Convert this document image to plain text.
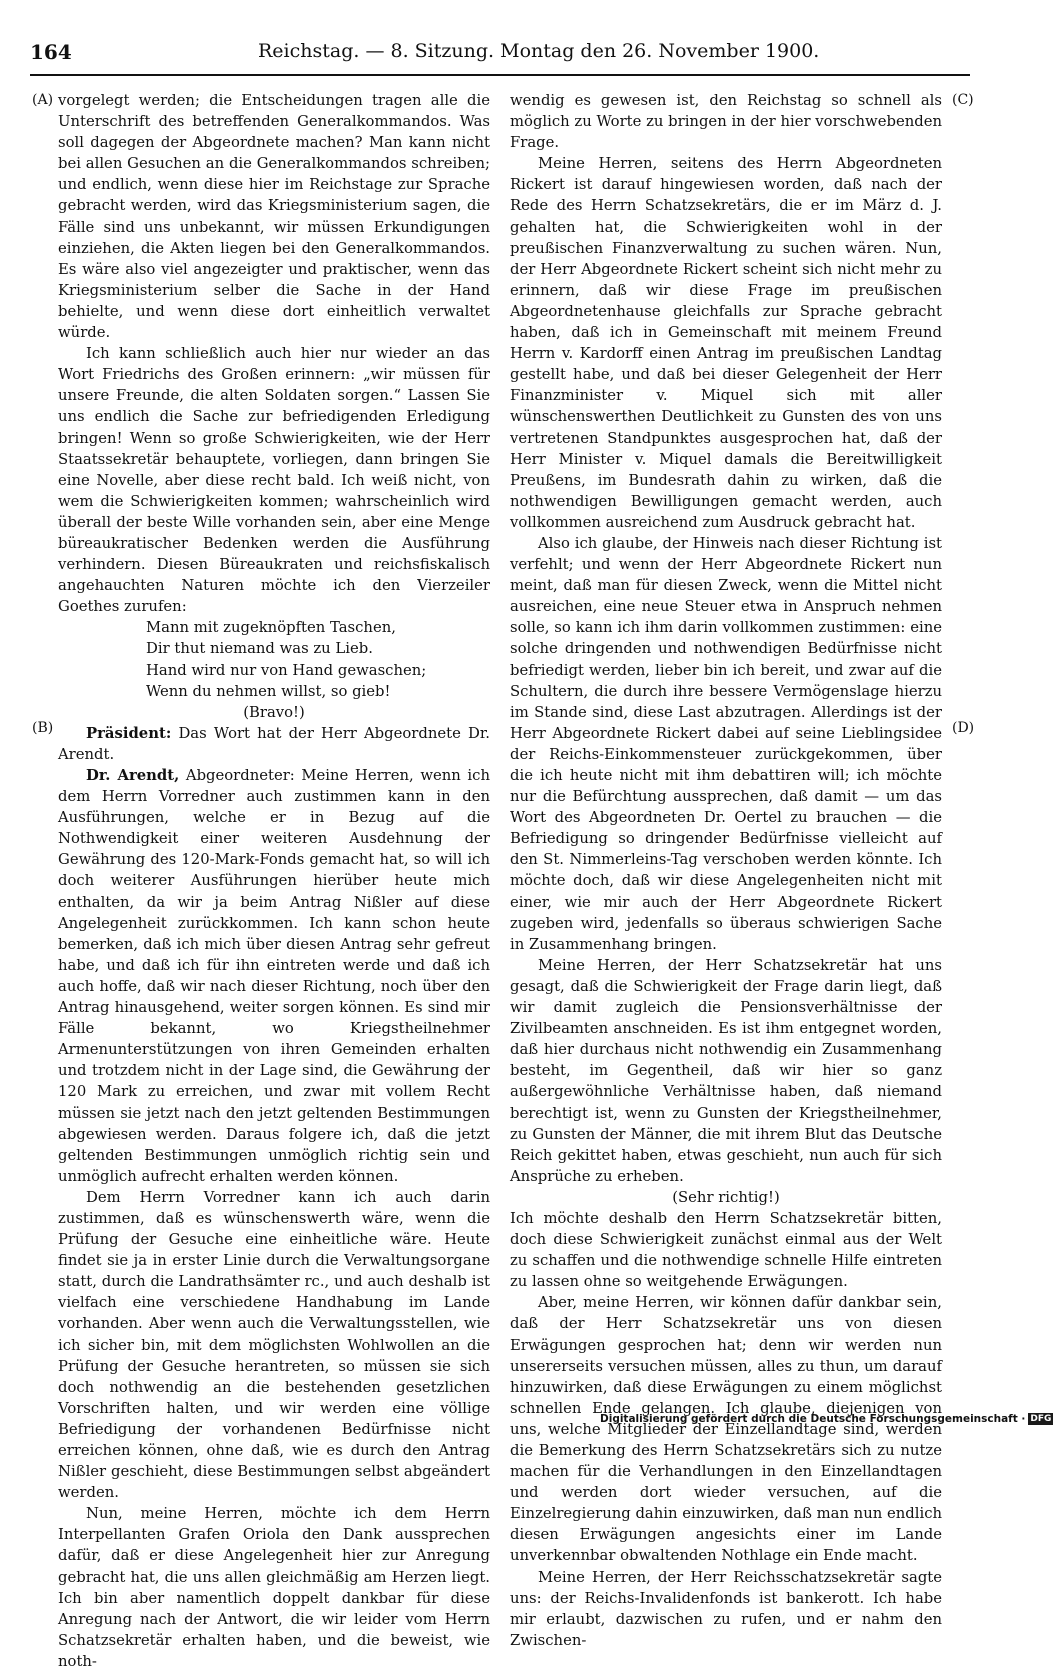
164	Reichstag. — 8. Sitzung. Montag den 26. November 1900.
(A)
(B)
(C)
(D)

vorgelegt werden; die Entscheidungen tragen alle die Unterschrift des betreffenden Generalkommandos. Was soll dagegen der Abgeordnete machen? Man kann nicht bei allen Gesuchen an die Generalkommandos schreiben; und endlich, wenn diese hier im Reichstage zur Sprache gebracht werden, wird das Kriegsministerium sagen, die Fälle sind uns unbekannt, wir müssen Erkundigungen einziehen, die Akten liegen bei den Generalkommandos. Es wäre also viel angezeigter und praktischer, wenn das Kriegsministerium selber die Sache in der Hand behielte, und wenn diese dort einheitlich verwaltet würde.

Ich kann schließlich auch hier nur wieder an das Wort Friedrichs des Großen erinnern: „wir müssen für unsere Freunde, die alten Soldaten sorgen.“ Lassen Sie uns endlich die Sache zur befriedigenden Erledigung bringen! Wenn so große Schwierigkeiten, wie der Herr Staatssekretär behauptete, vorliegen, dann bringen Sie eine Novelle, aber diese recht bald. Ich weiß nicht, von wem die Schwierigkeiten kommen; wahrscheinlich wird überall der beste Wille vorhanden sein, aber eine Menge büreaukratischer Bedenken werden die Ausführung verhindern. Diesen Büreaukraten und reichsfiskalisch angehauchten Naturen möchte ich den Vierzeiler Goethes zurufen:

Mann mit zugeknöpften Taschen,

Dir thut niemand was zu Lieb.

Hand wird nur von Hand gewaschen;

Wenn du nehmen willst, so gieb!

(Bravo!)

Präsident: Das Wort hat der Herr Abgeordnete Dr. Arendt.

Dr. Arendt, Abgeordneter: Meine Herren, wenn ich dem Herrn Vorredner auch zustimmen kann in den Ausführungen, welche er in Bezug auf die Nothwendigkeit einer weiteren Ausdehnung der Gewährung des 120-Mark-Fonds gemacht hat, so will ich doch weiterer Ausführungen hierüber heute mich enthalten, da wir ja beim Antrag Nißler auf diese Angelegenheit zurückkommen. Ich kann schon heute bemerken, daß ich mich über diesen Antrag sehr gefreut habe, und daß ich für ihn eintreten werde und daß ich auch hoffe, daß wir nach dieser Richtung, noch über den Antrag hinausgehend, weiter sorgen können. Es sind mir Fälle bekannt, wo Kriegstheilnehmer Armenunterstützungen von ihren Gemeinden erhalten und trotzdem nicht in der Lage sind, die Gewährung der 120 Mark zu erreichen, und zwar mit vollem Recht müssen sie jetzt nach den jetzt geltenden Bestimmungen abgewiesen werden. Daraus folgere ich, daß die jetzt geltenden Bestimmungen unmöglich richtig sein und unmöglich aufrecht erhalten werden können.

Dem Herrn Vorredner kann ich auch darin zustimmen, daß es wünschenswerth wäre, wenn die Prüfung der Gesuche eine einheitliche wäre. Heute findet sie ja in erster Linie durch die Verwaltungsorgane statt, durch die Landrathsämter rc., und auch deshalb ist vielfach eine verschiedene Handhabung im Lande vorhanden. Aber wenn auch die Verwaltungsstellen, wie ich sicher bin, mit dem möglichsten Wohlwollen an die Prüfung der Gesuche herantreten, so müssen sie sich doch nothwendig an die bestehenden gesetzlichen Vorschriften halten, und wir werden eine völlige Befriedigung der vorhandenen Bedürfnisse nicht erreichen können, ohne daß, wie es durch den Antrag Nißler geschieht, diese Bestimmungen selbst abgeändert werden.

Nun, meine Herren, möchte ich dem Herrn Interpellanten Grafen Oriola den Dank aussprechen dafür, daß er diese Angelegenheit hier zur Anregung gebracht hat, die uns allen gleichmäßig am Herzen liegt. Ich bin aber namentlich doppelt dankbar für diese Anregung nach der Antwort, die wir leider vom Herrn Schatzsekretär erhalten haben, und die beweist, wie noth-

wendig es gewesen ist, den Reichstag so schnell als möglich zu Worte zu bringen in der hier vorschwebenden Frage.

Meine Herren, seitens des Herrn Abgeordneten Rickert ist darauf hingewiesen worden, daß nach der Rede des Herrn Schatzsekretärs, die er im März d. J. gehalten hat, die Schwierigkeiten wohl in der preußischen Finanzverwaltung zu suchen wären. Nun, der Herr Abgeordnete Rickert scheint sich nicht mehr zu erinnern, daß wir diese Frage im preußischen Abgeordnetenhause gleichfalls zur Sprache gebracht haben, daß ich in Gemeinschaft mit meinem Freund Herrn v. Kardorff einen Antrag im preußischen Landtag gestellt habe, und daß bei dieser Gelegenheit der Herr Finanzminister v. Miquel sich mit aller wünschenswerthen Deutlichkeit zu Gunsten des von uns vertretenen Standpunktes ausgesprochen hat, daß der Herr Minister v. Miquel damals die Bereitwilligkeit Preußens, im Bundesrath dahin zu wirken, daß die nothwendigen Bewilligungen gemacht werden, auch vollkommen ausreichend zum Ausdruck gebracht hat.

Also ich glaube, der Hinweis nach dieser Richtung ist verfehlt; und wenn der Herr Abgeordnete Rickert nun meint, daß man für diesen Zweck, wenn die Mittel nicht ausreichen, eine neue Steuer etwa in Anspruch nehmen solle, so kann ich ihm darin vollkommen zustimmen: eine solche dringenden und nothwendigen Bedürfnisse nicht befriedigt werden, lieber bin ich bereit, und zwar auf die Schultern, die durch ihre bessere Vermögenslage hierzu im Stande sind, diese Last abzutragen. Allerdings ist der Herr Abgeordnete Rickert dabei auf seine Lieblingsidee der Reichs-Einkommensteuer zurückgekommen, über die ich heute nicht mit ihm debattiren will; ich möchte nur die Befürchtung aussprechen, daß damit — um das Wort des Abgeordneten Dr. Oertel zu brauchen — die Befriedigung so dringender Bedürfnisse vielleicht auf den St. Nimmerleins-Tag verschoben werden könnte. Ich möchte doch, daß wir diese Angelegenheiten nicht mit einer, wie mir auch der Herr Abgeordnete Rickert zugeben wird, jedenfalls so überaus schwierigen Sache in Zusammenhang bringen.

Meine Herren, der Herr Schatzsekretär hat uns gesagt, daß die Schwierigkeit der Frage darin liegt, daß wir damit zugleich die Pensionsverhältnisse der Zivilbeamten anschneiden. Es ist ihm entgegnet worden, daß hier durchaus nicht nothwendig ein Zusammenhang besteht, im Gegentheil, daß wir hier so ganz außergewöhnliche Verhältnisse haben, daß niemand berechtigt ist, wenn zu Gunsten der Kriegstheilnehmer, zu Gunsten der Männer, die mit ihrem Blut das Deutsche Reich gekittet haben, etwas geschieht, nun auch für sich Ansprüche zu erheben.

(Sehr richtig!)

Ich möchte deshalb den Herrn Schatzsekretär bitten, doch diese Schwierigkeit zunächst einmal aus der Welt zu schaffen und die nothwendige schnelle Hilfe eintreten zu lassen ohne so weitgehende Erwägungen.

Aber, meine Herren, wir können dafür dankbar sein, daß der Herr Schatzsekretär uns von diesen Erwägungen gesprochen hat; denn wir werden nun unsererseits versuchen müssen, alles zu thun, um darauf hinzuwirken, daß diese Erwägungen zu einem möglichst schnellen Ende gelangen. Ich glaube, diejenigen von uns, welche Mitglieder der Einzellandtage sind, werden die Bemerkung des Herrn Schatzsekretärs sich zu nutze machen für die Verhandlungen in den Einzellandtagen und werden dort wieder versuchen, auf die Einzelregierung dahin einzuwirken, daß man nun endlich diesen Erwägungen angesichts einer im Lande unverkennbar obwaltenden Nothlage ein Ende macht.

Meine Herren, der Herr Reichsschatzsekretär sagte uns: der Reichs-Invalidenfonds ist bankerott. Ich habe mir erlaubt, dazwischen zu rufen, und er nahm den Zwischen-

Digitalisierung gefördert durch die Deutsche Forschungsgemeinschaft · DFG
